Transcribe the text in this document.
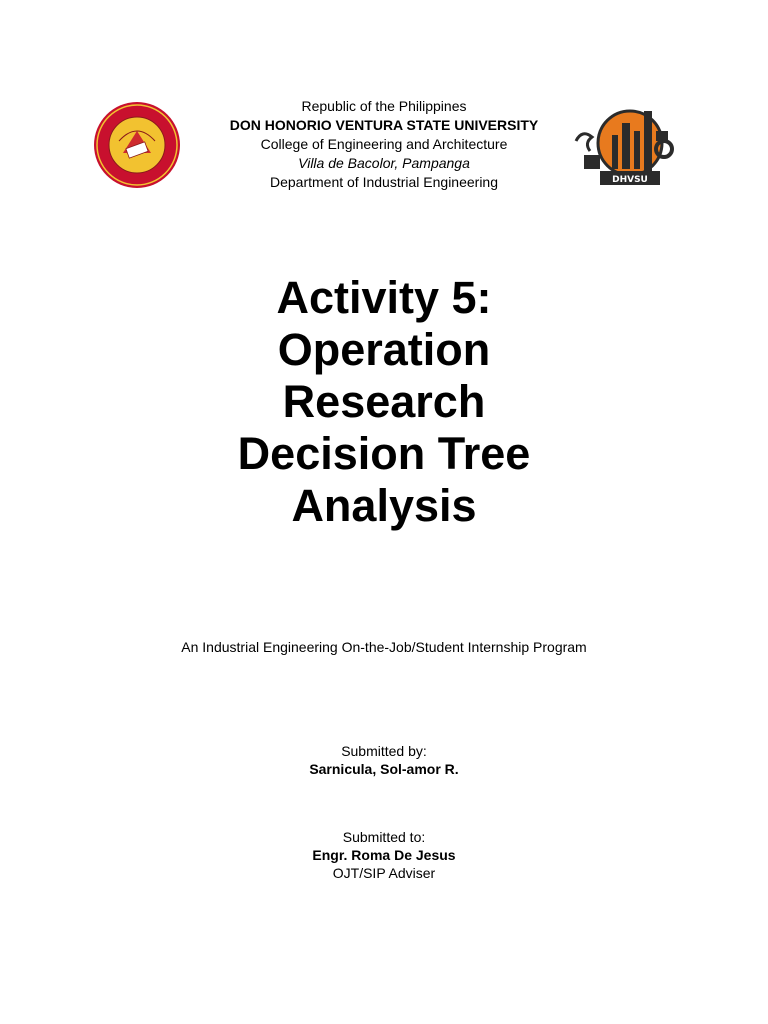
DHVSU
Republic of the Philippines
DON HONORIO VENTURA STATE UNIVERSITY
College of Engineering and Architecture
Villa de Bacolor, Pampanga
Department of Industrial Engineering
Activity 5:
Operation
Research
Decision Tree
Analysis
An Industrial Engineering On-the-Job/Student Internship Program
Submitted by:
Sarnicula, Sol-amor R.
Submitted to:
Engr. Roma De Jesus
OJT/SIP Adviser
